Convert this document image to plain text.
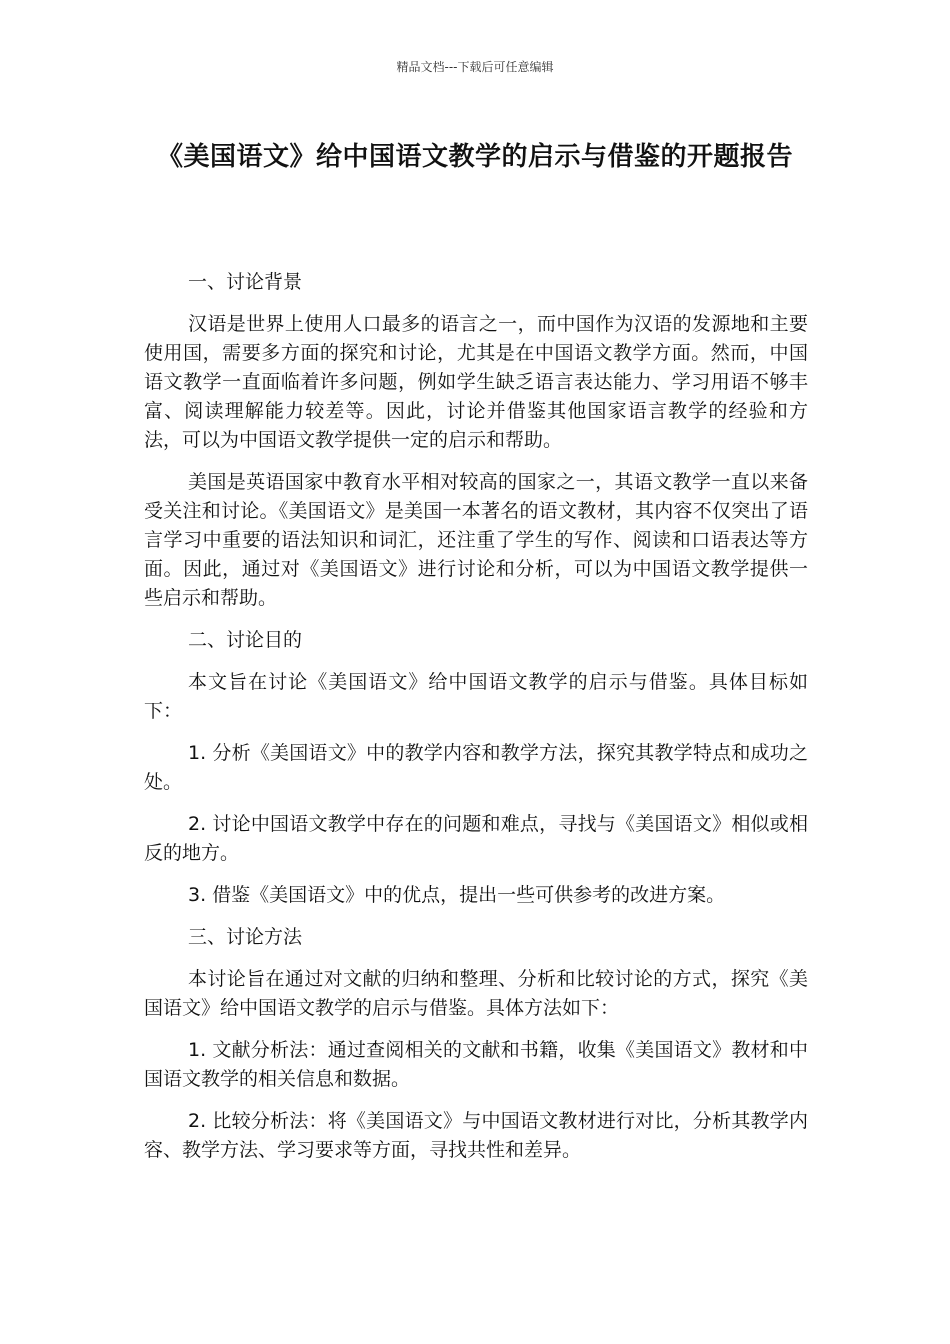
精品文档---下载后可任意编辑
《美国语文》给中国语文教学的启示与借鉴的开题报告

一、讨论背景

汉语是世界上使用人口最多的语言之一，而中国作为汉语的发源地和主要使用国，需要多方面的探究和讨论，尤其是在中国语文教学方面。然而，中国语文教学一直面临着许多问题，例如学生缺乏语言表达能力、学习用语不够丰富、阅读理解能力较差等。因此，讨论并借鉴其他国家语言教学的经验和方法，可以为中国语文教学提供一定的启示和帮助。

美国是英语国家中教育水平相对较高的国家之一，其语文教学一直以来备受关注和讨论。《美国语文》是美国一本著名的语文教材，其内容不仅突出了语言学习中重要的语法知识和词汇，还注重了学生的写作、阅读和口语表达等方面。因此，通过对《美国语文》进行讨论和分析，可以为中国语文教学提供一些启示和帮助。

二、讨论目的

本文旨在讨论《美国语文》给中国语文教学的启示与借鉴。具体目标如下：

1. 分析《美国语文》中的教学内容和教学方法，探究其教学特点和成功之处。

2. 讨论中国语文教学中存在的问题和难点，寻找与《美国语文》相似或相反的地方。

3. 借鉴《美国语文》中的优点，提出一些可供参考的改进方案。

三、讨论方法

本讨论旨在通过对文献的归纳和整理、分析和比较讨论的方式，探究《美国语文》给中国语文教学的启示与借鉴。具体方法如下：

1. 文献分析法：通过查阅相关的文献和书籍，收集《美国语文》教材和中国语文教学的相关信息和数据。

2. 比较分析法：将《美国语文》与中国语文教材进行对比，分析其教学内容、教学方法、学习要求等方面，寻找共性和差异。
